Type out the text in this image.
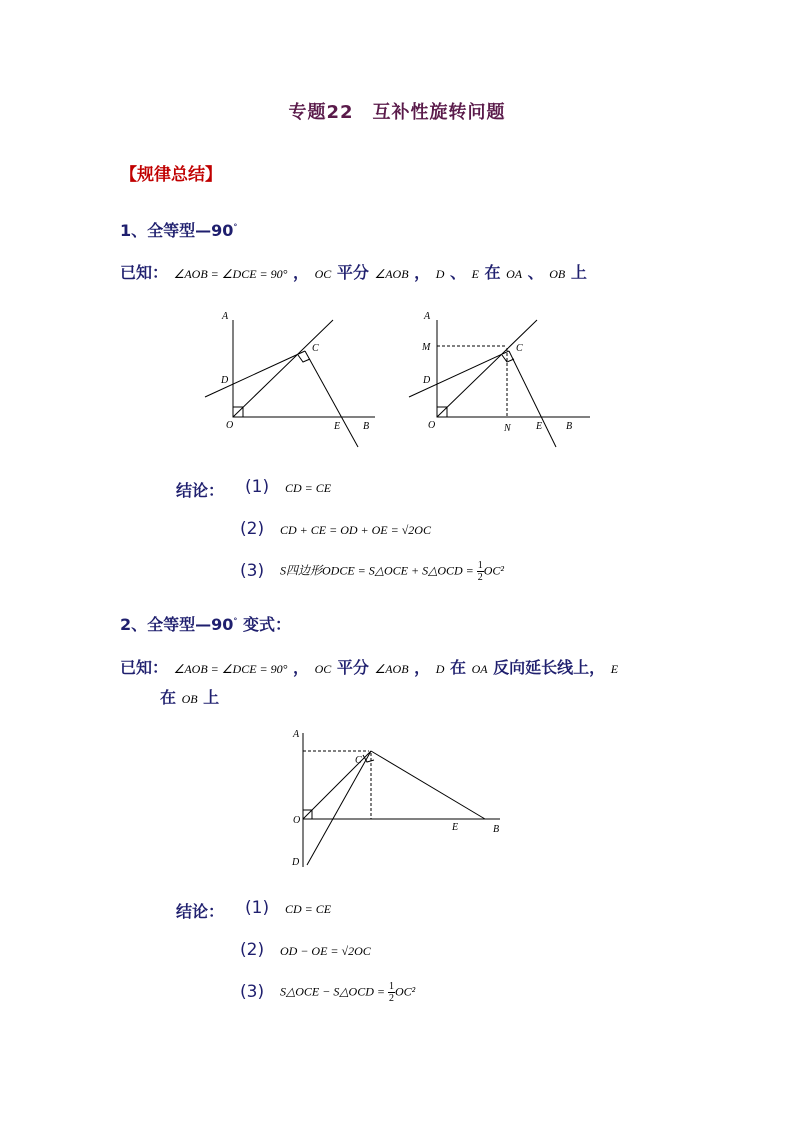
专题22　互补性旋转问题
【规律总结】
1、全等型—90°
已知： ∠AOB = ∠DCE = 90° ， OC 平分 ∠AOB ， D 、 E 在 OA 、 OB 上
A
C
D
O	E B
A
M	C
D
O	N	E B
结论： (1) CD = CE
(2) CD + CE = OD + OE = √2OC
(3) S四边形ODCE = S△OCE + S△OCD = $\frac{1}{2} OC^2$
2、全等型—90° 变式：
已知： ∠AOB = ∠DCE = 90° ， OC 平分 ∠AOB ， D 在 OA 反向延长线上， E
在 OB 上
A
C
O
E	B
D
结论： (1) CD = CE
(2) OD − OE = √2OC
(3) S△OCE − S△OCD = $\frac{1}{2} OC^2$
